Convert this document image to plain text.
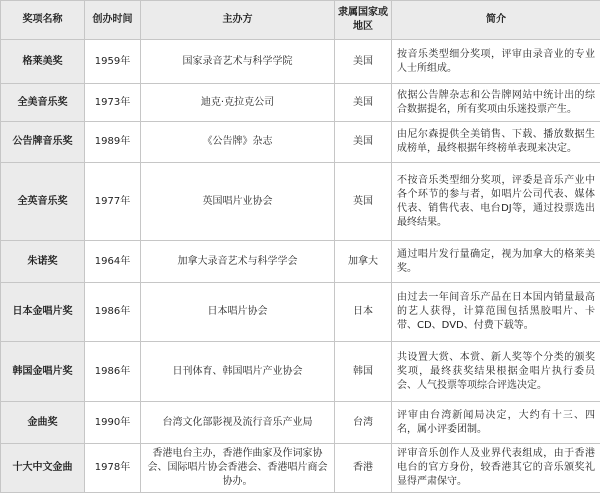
奖项名称	创办时间	主办方	隶属国家或地区	简介
格莱美奖	1959年	国家录音艺术与科学学院	美国	按音乐类型细分奖项，评审由录音业的专业人士所组成。
全美音乐奖	1973年	迪克·克拉克公司	美国	依据公告牌杂志和公告牌网站中统计出的综合数据提名，所有奖项由乐迷投票产生。
公告牌音乐奖	1989年	《公告牌》杂志	美国	由尼尔森提供全美销售、下载、播放数据生成榜单，最终根据年终榜单表现来决定。
全英音乐奖	1977年	英国唱片业协会	英国	不按音乐类型细分奖项，评委是音乐产业中各个环节的参与者，如唱片公司代表、媒体代表、销售代表、电台DJ等，通过投票选出最终结果。
朱诺奖	1964年	加拿大录音艺术与科学学会	加拿大	通过唱片发行量确定，视为加拿大的格莱美奖。
日本金唱片奖	1986年	日本唱片协会	日本	由过去一年间音乐产品在日本国内销量最高的艺人获得，计算范围包括黑胶唱片、卡带、CD、DVD、付费下载等。
韩国金唱片奖	1986年	日刊体育、韩国唱片产业协会	韩国	共设置大赏、本赏、新人奖等个分类的颁奖奖项，最终获奖结果根据金唱片执行委员会、人气投票等项综合评选决定。
金曲奖	1990年	台湾文化部影视及流行音乐产业局	台湾	评审由台湾新闻局决定，大约有十三、四名，属小评委团制。
十大中文金曲	1978年	香港电台主办，香港作曲家及作词家协会、国际唱片协会香港会、香港唱片商会协办。	香港	评审音乐创作人及业界代表组成，由于香港电台的官方身份，较香港其它的音乐颁奖礼显得严肃保守。
